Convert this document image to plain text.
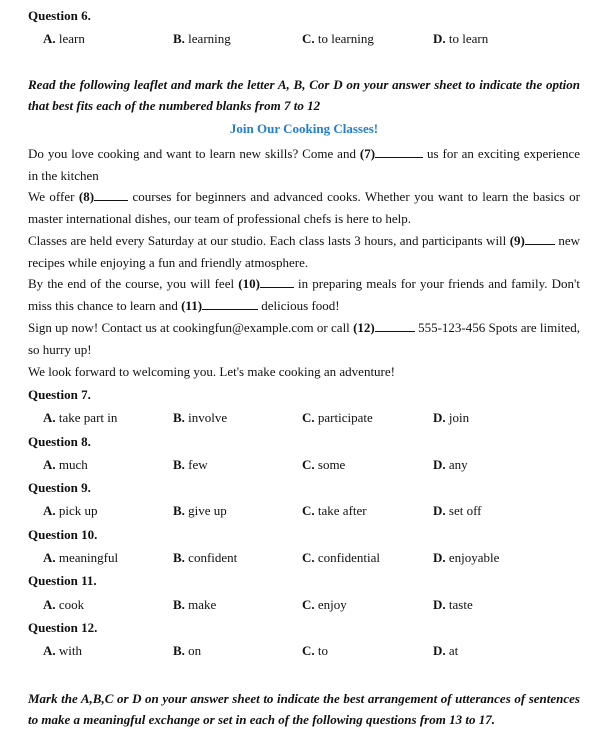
Question 6.
A. learn	B. learning	C. to learning	D. to learn
Read the following leaflet and mark the letter A, B, Cor D on your answer sheet to indicate the option that best fits each of the numbered blanks from 7 to 12
Join Our Cooking Classes!
Do you love cooking and want to learn new skills? Come and (7)	us for an exciting experience in the kitchen
We offer (8)	courses for beginners and advanced cooks. Whether you want to learn the basics or master international dishes, our team of professional chefs is here to help.
Classes are held every Saturday at our studio. Each class lasts 3 hours, and participants will (9) new recipes while enjoying a fun and friendly atmosphere.
By the end of the course, you will feel (10)	in preparing meals for your friends and family. Don't miss this chance to learn and (11)	delicious food!
Sign up now! Contact us at cookingfun@example.com or call (12)	555-123-456 Spots are limited, so hurry up!
We look forward to welcoming you. Let's make cooking an adventure!
Question 7.
A. take part in	B. involve	C. participate	D. join
Question 8.
A. much	B. few	C. some	D. any
Question 9.
A. pick up	B. give up	C. take after	D. set off
Question 10.
A. meaningful	B. confident	C. confidential	D. enjoyable
Question 11.
A. cook	B. make	C. enjoy	D. taste
Question 12.
A. with	B. on	C. to	D. at
Mark the A,B,C or D on your answer sheet to indicate the best arrangement of utterances of sentences to make a meaningful exchange or set in each of the following questions from 13 to 17.
